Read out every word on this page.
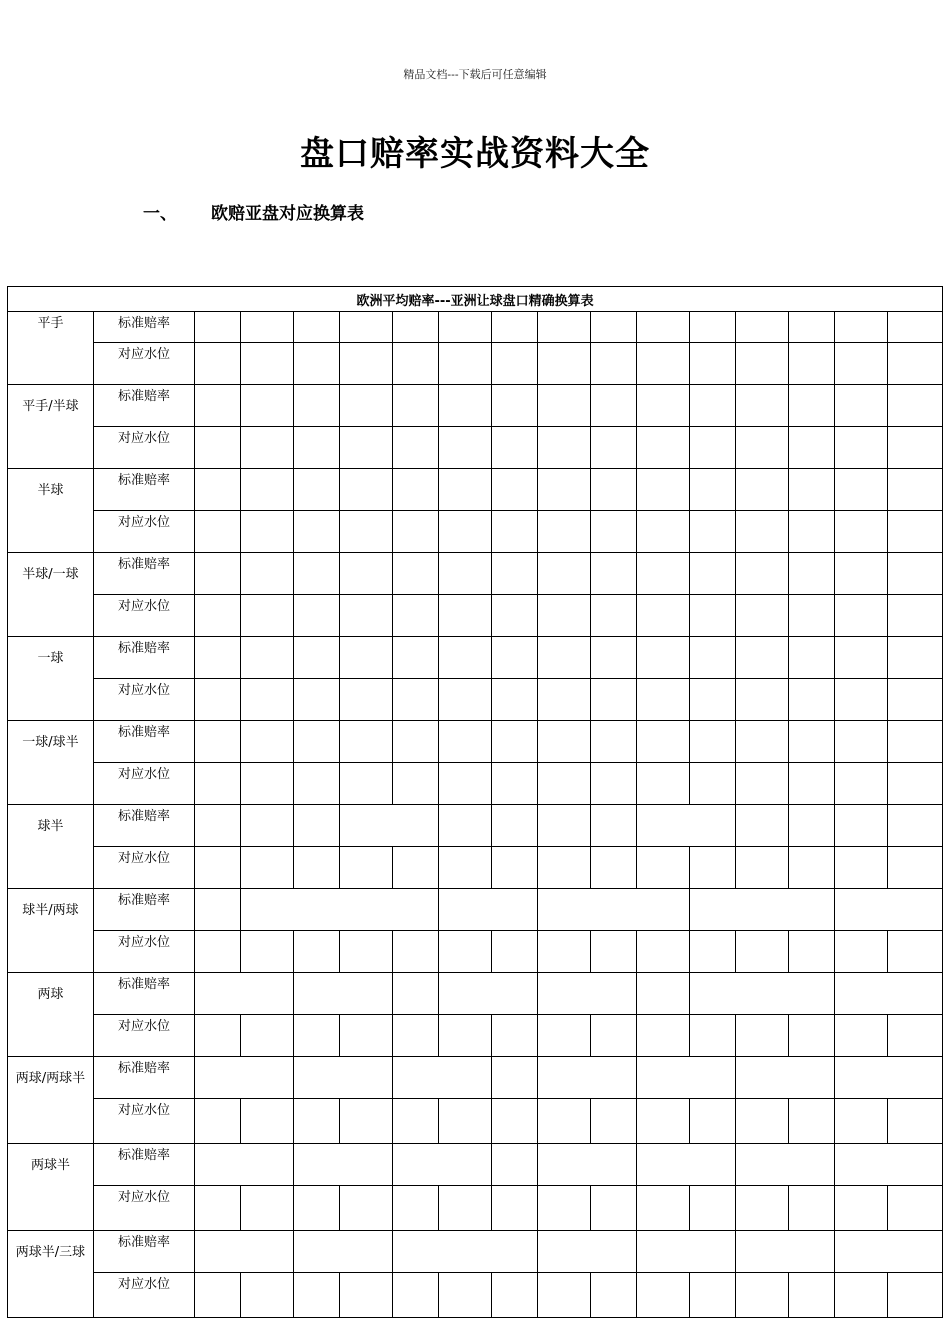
精品文档---下载后可任意编辑
盘口赔率实战资料大全
一、 欧赔亚盘对应换算表
欧洲平均赔率---亚洲让球盘口精确换算表																
平手	标准赔率															
	对应水位															
平手/半球	标准赔率															
	对应水位															
半球	标准赔率															
	对应水位															
半球/一球	标准赔率															
	对应水位															
一球	标准赔率															
	对应水位															
一球/球半	标准赔率															
	对应水位															
球半	标准赔率															
	对应水位															
球半/两球	标准赔率															
	对应水位															
两球	标准赔率															
	对应水位															
两球/两球半	标准赔率															
	对应水位															
两球半	标准赔率															
	对应水位															
两球半/三球	标准赔率															
	对应水位															
